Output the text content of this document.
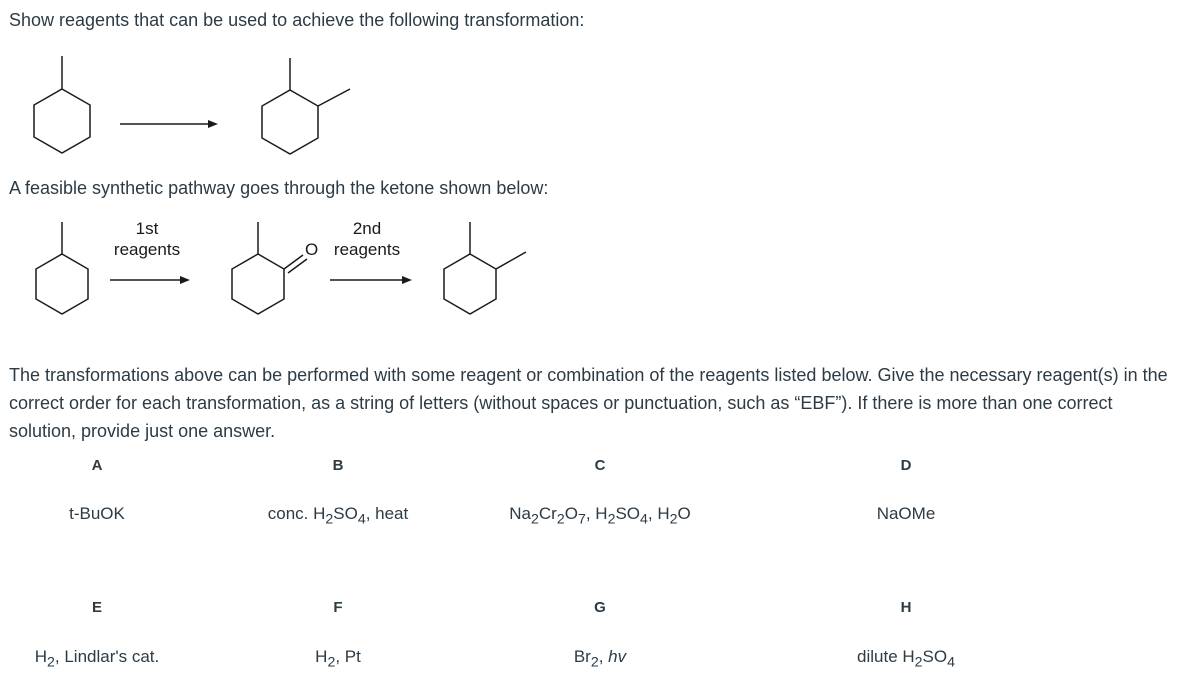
Show reagents that can be used to achieve the following transformation:

A feasible synthetic pathway goes through the ketone shown below:

1st
reagents	O
2nd
reagents

The transformations above can be performed with some reagent or combination of the reagents listed below. Give the necessary reagent(s) in the correct order for each transformation, as a string of letters (without spaces or punctuation, such as “EBF”). If there is more than one correct solution, provide just one answer.

A
t-BuOK
B
conc. $H_2SO_4$, heat
C
$Na_2Cr_2O_7$, $H_2SO_4$, $H_2O$
D
NaOMe
E
$H_2$, Lindlar's cat.
F
$H_2$, Pt
G
$Br_2$, hv
H
dilute $H_2SO_4$
